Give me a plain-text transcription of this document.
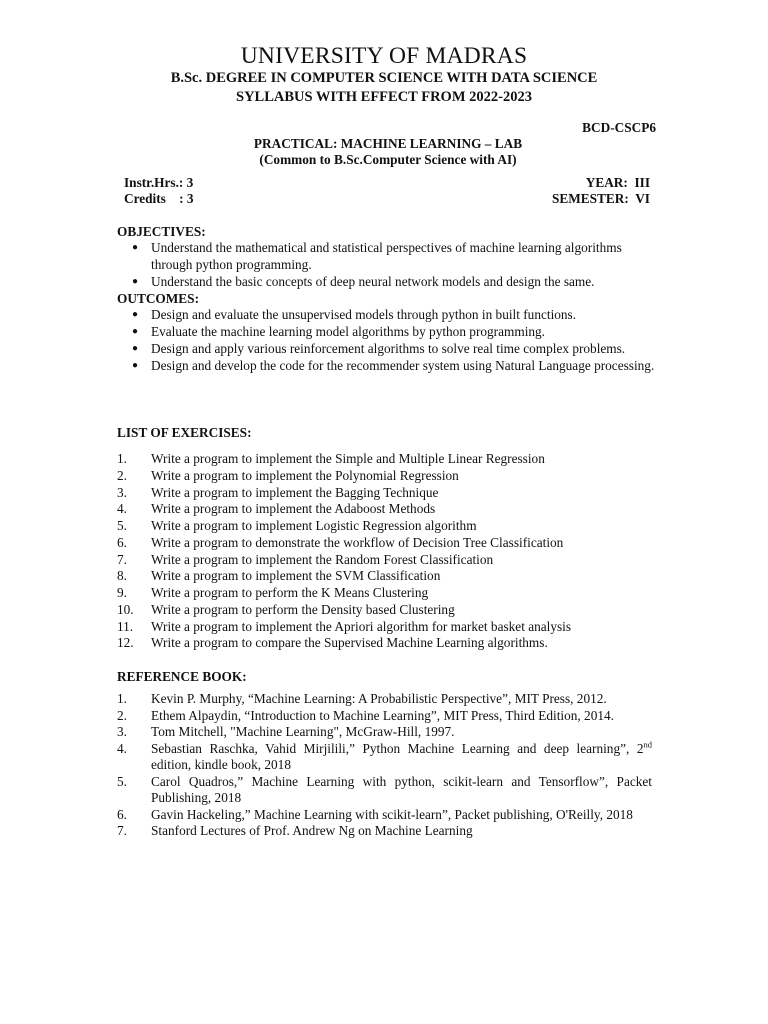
UNIVERSITY OF MADRAS
B.Sc. DEGREE IN COMPUTER SCIENCE WITH DATA SCIENCE
SYLLABUS WITH EFFECT FROM 2022-2023
BCD-CSCP6
PRACTICAL: MACHINE LEARNING – LAB
(Common to B.Sc.Computer Science with AI)
Instr.Hrs.: 3
Credits    : 3
YEAR:  III
SEMESTER:  VI
OBJECTIVES:
● Understand the mathematical and statistical perspectives of machine learning algorithms through python programming.
● Understand the basic concepts of deep neural network models and design the same.
OUTCOMES:
● Design and evaluate the unsupervised models through python in built functions.
● Evaluate the machine learning model algorithms by python programming.
● Design and apply various reinforcement algorithms to solve real time complex problems.
● Design and develop the code for the recommender system using Natural Language processing.
LIST OF EXERCISES:
1.	Write a program to implement the Simple and Multiple Linear Regression
2.	Write a program to implement the Polynomial Regression
3.	Write a program to implement the Bagging Technique
4.	Write a program to implement the Adaboost Methods
5.	Write a program to implement Logistic Regression algorithm
6.	Write a program to demonstrate the workflow of Decision Tree Classification
7.	Write a program to implement the Random Forest Classification
8.	Write a program to implement the SVM Classification
9.	Write a program to perform the K Means Clustering
10.	Write a program to perform the Density based Clustering
11.	Write a program to implement the Apriori algorithm for market basket analysis
12.	Write a program to compare the Supervised Machine Learning algorithms.
REFERENCE BOOK:
1.	Kevin P. Murphy, “Machine Learning: A Probabilistic Perspective”, MIT Press, 2012.
2.	Ethem Alpaydin, “Introduction to Machine Learning”, MIT Press, Third Edition, 2014.
3.	Tom Mitchell, "Machine Learning", McGraw-Hill, 1997.
4.	Sebastian Raschka, Vahid Mirjilili,” Python Machine Learning and deep learning”, 2nd edition, kindle book, 2018
5.	Carol Quadros,” Machine Learning with python, scikit-learn and Tensorflow”, Packet Publishing, 2018
6.	Gavin Hackeling,” Machine Learning with scikit-learn”, Packet publishing, O'Reilly, 2018
7.	Stanford Lectures of Prof. Andrew Ng on Machine Learning
